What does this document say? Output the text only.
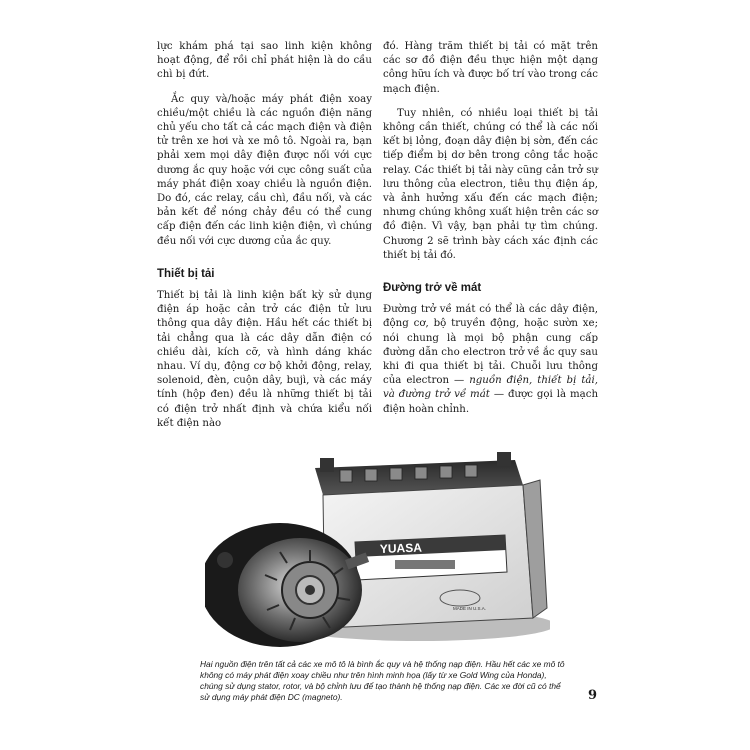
lực khám phá tại sao linh kiện không hoạt động, để rồi chỉ phát hiện là do cầu chì bị đứt.

Ắc quy và/hoặc máy phát điện xoay chiều/một chiều là các nguồn điện năng chủ yếu cho tất cả các mạch điện và điện tử trên xe hơi và xe mô tô. Ngoài ra, bạn phải xem mọi dây điện được nối với cực dương ắc quy hoặc với cực công suất của máy phát điện xoay chiều là nguồn điện. Do đó, các relay, cầu chì, đầu nối, và các bản kết để nóng chảy đều có thể cung cấp điện đến các linh kiện điện, vì chúng đều nối với cực dương của ắc quy.

Thiết bị tải

Thiết bị tải là linh kiện bất kỳ sử dụng điện áp hoặc cản trở các điện tử lưu thông qua dây điện. Hầu hết các thiết bị tải chẳng qua là các dây dẫn điện có chiều dài, kích cỡ, và hình dáng khác nhau. Ví dụ, động cơ bộ khởi động, relay, solenoid, đèn, cuộn dây, bujì, và các máy tính (hộp đen) đều là những thiết bị tải có điện trở nhất định và chứa kiểu nối kết điện nào

đó. Hàng trăm thiết bị tải có mặt trên các sơ đồ điện đều thực hiện một dạng công hữu ích và được bố trí vào trong các mạch điện.

Tuy nhiên, có nhiều loại thiết bị tải không cần thiết, chúng có thể là các nối kết bị lỏng, đoạn dây điện bị sờn, đến các tiếp điểm bị dơ bên trong công tắc hoặc relay. Các thiết bị tải này cũng cản trở sự lưu thông của electron, tiêu thụ điện áp, và ảnh hưởng xấu đến các mạch điện; nhưng chúng không xuất hiện trên các sơ đồ điện. Vì vậy, bạn phải tự tìm chúng. Chương 2 sẽ trình bày cách xác định các thiết bị tải đó.

Đường trở về mát

Đường trở về mát có thể là các dây điện, động cơ, bộ truyền động, hoặc sườn xe; nói chung là mọi bộ phận cung cấp đường dẫn cho electron trở về ắc quy sau khi đi qua thiết bị tải. Chuỗi lưu thông của electron — nguồn điện, thiết bị tải, và đường trở về mát — được gọi là mạch điện hoàn chỉnh.

YUASA
MADE IN U.S.A.
Hai nguồn điện trên tất cả các xe mô tô là bình ắc quy và hệ thống nạp điện. Hầu hết các xe mô tô không có máy phát điện xoay chiều như trên hình minh họa (lấy từ xe Gold Wing của Honda), chúng sử dụng stator, rotor, và bộ chỉnh lưu để tạo thành hệ thống nạp điện. Các xe đời cũ có thể sử dụng máy phát điện DC (magneto).	9
